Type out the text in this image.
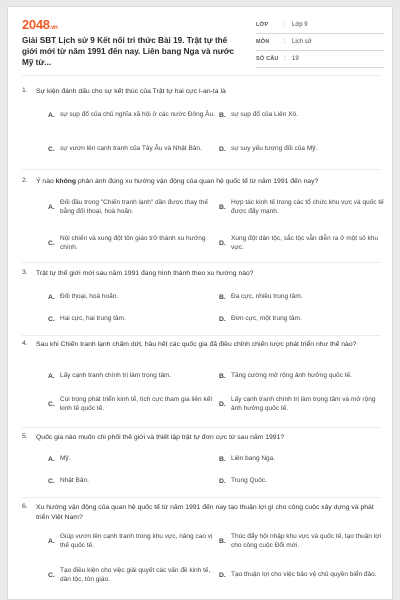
2048.vn
Giải SBT Lịch sử 9 Kết nối tri thức Bài 19. Trật tự thế giới mới từ năm 1991 đến nay. Liên bang Nga và nước Mỹ từ...
LỚP	:	Lớp 9
MÔN	:	Lịch sử
SỐ CÂU :	19
1. Sự kiện đánh dấu cho sự kết thúc của Trật tự hai cực I-an-ta là
A. sự sụp đổ của chủ nghĩa xã hội ở các nước Đông Âu. B. sự sụp đổ của Liên Xô.
C. sự vươn lên cạnh tranh của Tây Âu và Nhật Bản.	D. sự suy yếu tương đối của Mỹ.
2. Ý nào không phản ánh đúng xu hướng vận động của quan hệ quốc tế từ năm 1991 đến nay?
A.
Đối đầu trong "Chiến tranh lạnh" dần được thay thế bằng đối thoại, hoà hoãn.
B.
Hợp tác kinh tế trong các tổ chức khu vực và quốc tế được đẩy mạnh.
C.
Nội chiến và xung đột tôn giáo trở thành xu hướng chính.
D.
Xung đột dân tộc, sắc tộc vẫn diễn ra ở một số khu vực.
3. Trật tự thế giới mới sau năm 1991 đang hình thành theo xu hướng nào?
A. Đối thoại, hoà hoãn.	B. Đa cực, nhiều trung tâm.
C. Hai cực, hai trung tâm.	D. Đơn cực, một trung tâm.
4. Sau khi Chiến tranh lạnh chấm dứt, hầu hết các quốc gia đã điều chỉnh chiến lược phát triển như thế nào?
A. Lấy cạnh tranh chính trị làm trọng tâm.	B. Tăng cường mở rộng ảnh hưởng quốc tế.
C.
Coi trọng phát triển kinh tế, tích cực tham gia liên kết kinh tế quốc tế.
D.
Lấy cạnh tranh chính trị làm trọng tâm và mở rộng ảnh hưởng quốc tế.
5. Quốc gia nào muốn chi phối thế giới và thiết lập trật tự đơn cực từ sau năm 1991?
A. Mỹ.	B. Liên bang Nga.
C. Nhật Bản.	D. Trung Quốc.
6. Xu hướng vận động của quan hệ quốc tế từ năm 1991 đến nay tạo thuận lợi gì cho công cuộc xây dựng và phát triển Việt Nam?
A.
Giúp vươn lên cạnh tranh trong khu vực, nâng cao vị thế quốc tế.
B.
Thúc đẩy hội nhập khu vực và quốc tế, tạo thuận lợi cho công cuộc Đổi mới.
C.
Tạo điều kiện cho việc giải quyết các vấn đề kinh tế, dân tộc, tôn giáo.
D. Tạo thuận lợi cho việc bảo vệ chủ quyền biển đảo.
